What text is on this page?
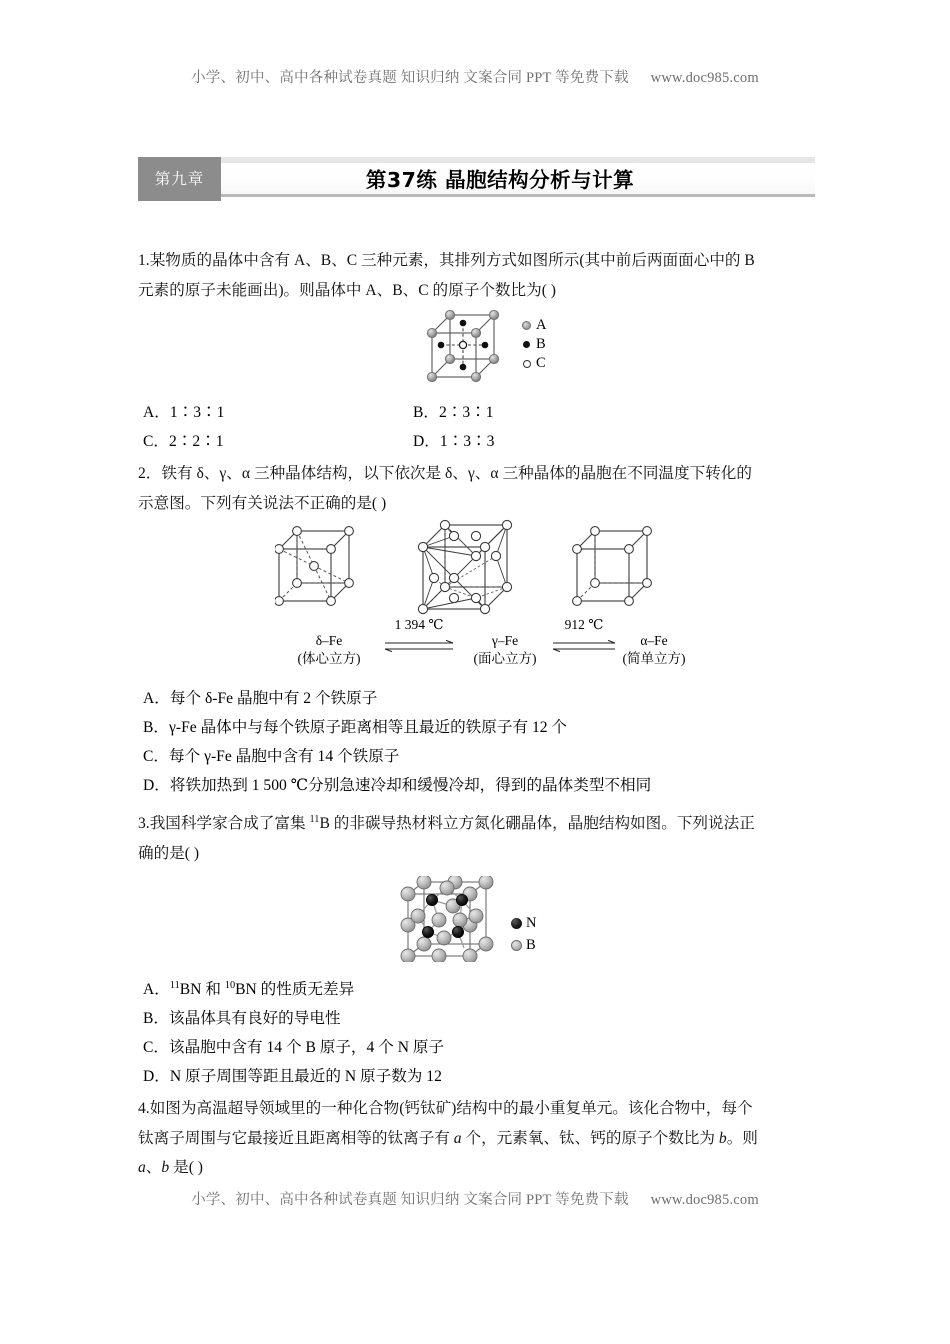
小学、初中、高中各种试卷真题 知识归纳 文案合同 PPT 等免费下载 www.doc985.com
第37练 晶胞结构分析与计算
第九章
1.某物质的晶体中含有 A、B、C 三种元素，其排列方式如图所示(其中前后两面面心中的 B
元素的原子未能画出)。则晶体中 A、B、C 的原子个数比为( )
A
B
C
A．1∶3∶1	B．2∶3∶1
C．2∶2∶1	D．1∶3∶3
2．铁有 δ、γ、α 三种晶体结构，以下依次是 δ、γ、α 三种晶体的晶胞在不同温度下转化的
示意图。下列有关说法不正确的是( )
δ–Fe
(体心立方)
1 394 ℃
γ–Fe
(面心立方)
912 ℃
α–Fe
(简单立方)
A．每个 δ-Fe 晶胞中有 2 个铁原子
B．γ-Fe 晶体中与每个铁原子距离相等且最近的铁原子有 12 个
C．每个 γ-Fe 晶胞中含有 14 个铁原子
D．将铁加热到 1 500 ℃分别急速冷却和缓慢冷却，得到的晶体类型不相同
3.我国科学家合成了富集 $^{11}$B 的非碳导热材料立方氮化硼晶体，晶胞结构如图。下列说法正
确的是( )
N
B
A．$^{11}$BN 和 $^{10}$BN 的性质无差异
B．该晶体具有良好的导电性
C．该晶胞中含有 14 个 B 原子，4 个 N 原子
D．N 原子周围等距且最近的 N 原子数为 12
4.如图为高温超导领域里的一种化合物(钙钛矿)结构中的最小重复单元。该化合物中，每个
钛离子周围与它最接近且距离相等的钛离子有 a 个，元素氧、钛、钙的原子个数比为 b。则
a、b 是( )
小学、初中、高中各种试卷真题 知识归纳 文案合同 PPT 等免费下载 www.doc985.com
